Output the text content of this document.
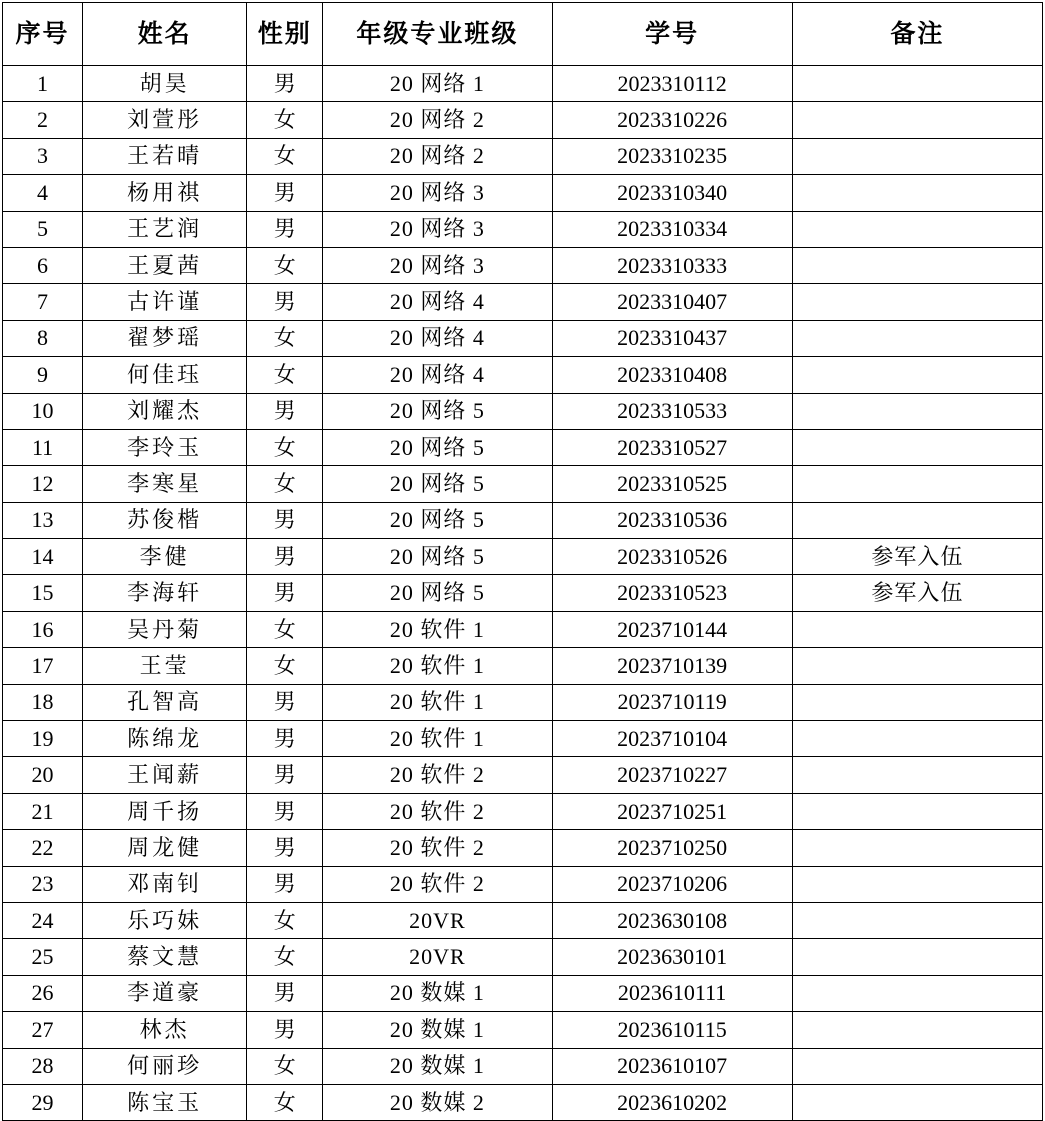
序号	姓名	性别	年级专业班级	学号	备注
1	胡昊	男	20 网络 1	2023310112	
2	刘萱彤	女	20 网络 2	2023310226	
3	王若晴	女	20 网络 2	2023310235	
4	杨用祺	男	20 网络 3	2023310340	
5	王艺润	男	20 网络 3	2023310334	
6	王夏茜	女	20 网络 3	2023310333	
7	古许谨	男	20 网络 4	2023310407	
8	翟梦瑶	女	20 网络 4	2023310437	
9	何佳珏	女	20 网络 4	2023310408	
10	刘耀杰	男	20 网络 5	2023310533	
11	李玲玉	女	20 网络 5	2023310527	
12	李寒星	女	20 网络 5	2023310525	
13	苏俊楷	男	20 网络 5	2023310536	
14	李健	男	20 网络 5	2023310526	参军入伍
15	李海轩	男	20 网络 5	2023310523	参军入伍
16	吴丹菊	女	20 软件 1	2023710144	
17	王莹	女	20 软件 1	2023710139	
18	孔智高	男	20 软件 1	2023710119	
19	陈绵龙	男	20 软件 1	2023710104	
20	王闻薪	男	20 软件 2	2023710227	
21	周千扬	男	20 软件 2	2023710251	
22	周龙健	男	20 软件 2	2023710250	
23	邓南钊	男	20 软件 2	2023710206	
24	乐巧妹	女	20VR	2023630108	
25	蔡文慧	女	20VR	2023630101	
26	李道豪	男	20 数媒 1	2023610111	
27	林杰	男	20 数媒 1	2023610115	
28	何丽珍	女	20 数媒 1	2023610107	
29	陈宝玉	女	20 数媒 2	2023610202	
